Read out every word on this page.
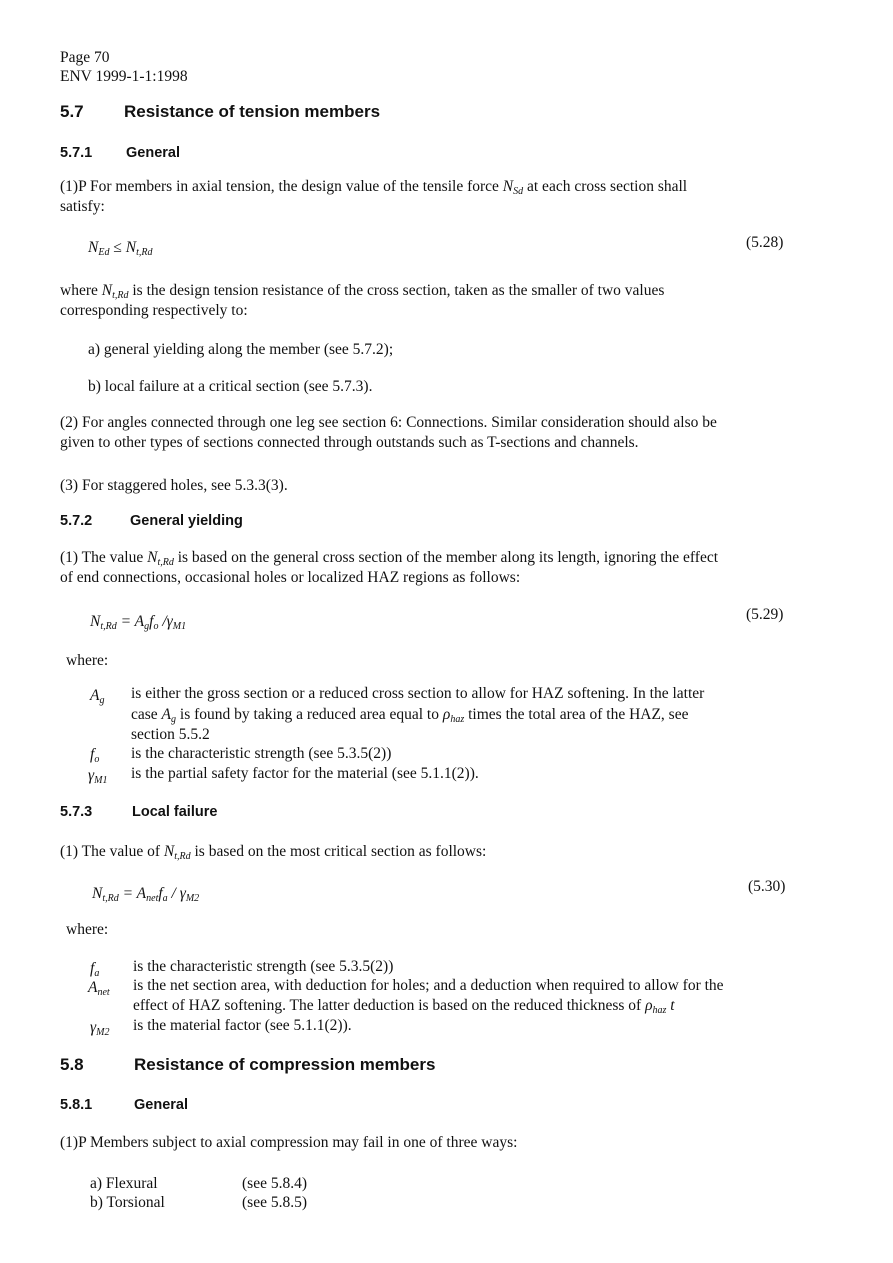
Page 70
ENV 1999-1-1:1998
5.7 Resistance of tension members
5.7.1 General
(1)P For members in axial tension, the design value of the tensile force $N_{Sd}$ at each cross section shall
satisfy:
$N_{Ed} \le N_{t,Rd}$
(5.28)
where $N_{t,Rd}$ is the design tension resistance of the cross section, taken as the smaller of two values
corresponding respectively to:
a) general yielding along the member (see 5.7.2);
b) local failure at a critical section (see 5.7.3).
(2) For angles connected through one leg see section 6: Connections. Similar consideration should also be
given to other types of sections connected through outstands such as T-sections and channels.
(3) For staggered holes, see 5.3.3(3).
5.7.2	General yielding
(1) The value $N_{t,Rd}$ is based on the general cross section of the member along its length, ignoring the effect
of end connections, occasional holes or localized HAZ regions as follows:
$N_{t,Rd} = A_gf_o$ $/\gamma_{M1}$
(5.29)
where:
$A_g$ is either the gross section or a reduced cross section to allow for HAZ softening. In the latter
case $A_g$ is found by taking a reduced area equal to $\rho_{haz}$ times the total area of the HAZ, see
section 5.5.2
$f_o$ is the characteristic strength (see 5.3.5(2))
$\gamma_{M1}$ is the partial safety factor for the material (see 5.1.1(2)).
5.7.3	Local failure
(1) The value of $N_{t,Rd}$ is based on the most critical section as follows:
$N_{t,Rd} = A_{net}f_a / \gamma_{M2}$
(5.30)
where:
$f_a$ is the characteristic strength (see 5.3.5(2))
$A_{net}$ is the net section area, with deduction for holes; and a deduction when required to allow for the
effect of HAZ softening. The latter deduction is based on the reduced thickness of $\rho_{haz}$ t
$\gamma_{M2}$ is the material factor (see 5.1.1(2)).
5.8	Resistance of compression members
5.8.1	General
(1)P Members subject to axial compression may fail in one of three ways:
a) Flexural	(see 5.8.4)
b) Torsional	(see 5.8.5)
